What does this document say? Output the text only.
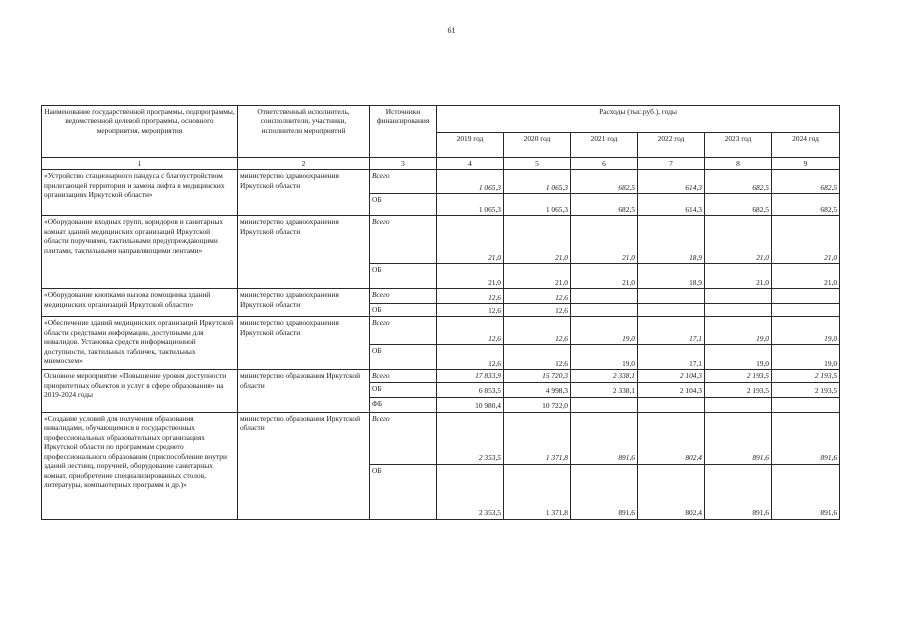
61
Наименование государственной программы, подпрограммы, ведомственной целевой программы, основного мероприятия, мероприятия	Ответственный исполнитель, соисполнители, участники, исполнители мероприятий	Источники финансирования	Расходы (тыс.руб.), годы					
			2019 год	2020 год	2021 год	2022 год	2023 год	2024 год
1	2	3	4	5	6	7	8	9
«Устройство стационарного пандуса с благоустройством прилегающей территории и замена лифта в медицинских организациях Иркутской области»	министерство здравоохранения Иркутской области	Всего	1 065,3	1 065,3	682,5	614,3	682,5	682,5
		ОБ	1 065,3	1 065,3	682,5	614,3	682,5	682,5
«Оборудование входных групп, коридоров и санитарных комнат зданий медицинских организаций Иркутской области поручнями, тактильными предупреждающими плитами, тактильными направляющими лентами»	министерство здравоохранения Иркутской области	Всего	21,0	21,0	21,0	18,9	21,0	21,0
		ОБ	21,0	21,0	21,0	18,9	21,0	21,0
«Оборудование кнопками вызова помощника зданий медицинских организаций Иркутской области»	министерство здравоохранения Иркутской области	Всего	12,6	12,6				
		ОБ	12,6	12,6				
«Обеспечение зданий медицинских организаций Иркутской области средствами информации, доступными для инвалидов. Установка средств информационной доступности, тактильных табличек, тактильных мнемосхем»	министерство здравоохранения Иркутской области	Всего	12,6	12,6	19,0	17,1	19,0	19,0
		ОБ	12,6	12,6	19,0	17,1	19,0	19,0
Основное мероприятие «Повышение уровня доступности приоритетных объектов и услуг в сфере образования» на 2019-2024 годы	министерство образования Иркутской области	Всего	17 833,9	15 720,3	2 338,1	2 104,3	2 193,5	2 193,5
		ОБ	6 853,5	4 998,3	2 338,1	2 104,3	2 193,5	2 193,5
		ФБ	10 980,4	10 722,0				
«Создание условий для получения образования инвалидами, обучающимися в государственных профессиональных образовательных организациях Иркутской области по программам среднего профессионального образования (приспособление внутри зданий лестниц, поручней, оборудование санитарных комнат, приобретение специализированных столов, литературы, компьютерных программ и др.)»	министерство образования Иркутской области	Всего	2 353,5	1 371,8	891,6	802,4	891,6	891,6
		ОБ	2 353,5	1 371,8	891,6	802,4	891,6	891,6
